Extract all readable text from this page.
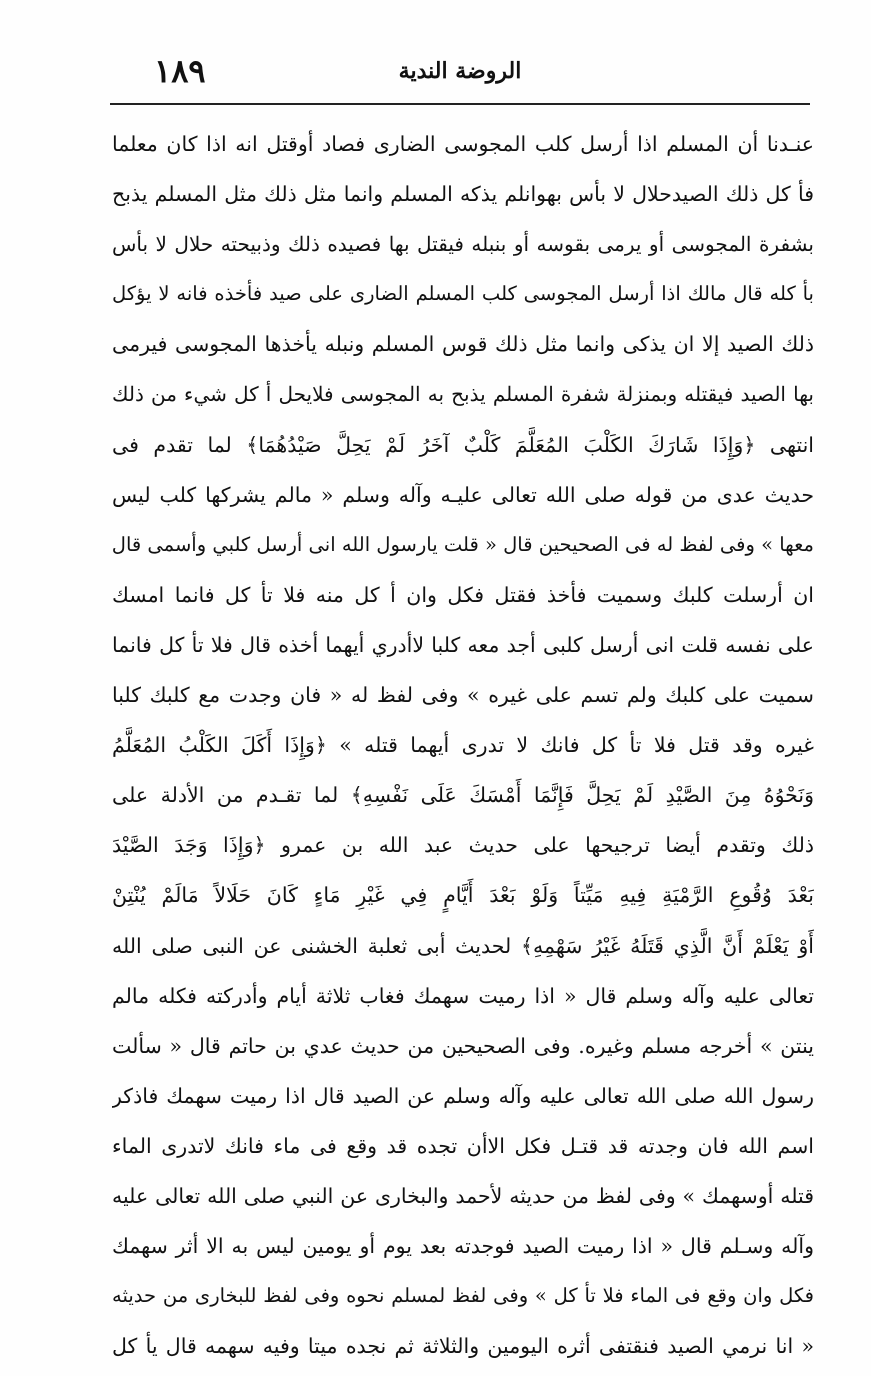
١٨٩	الروضة الندية
عنـدنا أن المسلم اذا أرسل كلب المجوسى الضارى فصاد أوقتل انه اذا كان معلما
فأ كل ذلك الصيدحلال لا بأس بهوانلم يذكه المسلم وانما مثل ذلك مثل المسلم يذبح
بشفرة المجوسى أو يرمى بقوسه أو بنبله فيقتل بها فصيده ذلك وذبيحته حلال لا بأس
بأ كله قال مالك اذا أرسل المجوسى كلب المسلم الضارى على صيد فأخذه فانه لا يؤكل
ذلك الصيد إلا ان يذكى وانما مثل ذلك قوس المسلم ونبله يأخذها المجوسى فيرمى
بها الصيد فيقتله وبمنزلة شفرة المسلم يذبح به المجوسى فلايحل أ كل شيء من ذلك
انتهى ﴿وَإِذَا شَارَكَ الكَلْبَ المُعَلَّمَ كَلْبٌ آخَرُ لَمْ يَحِلَّ صَيْدُهُمَا﴾ لما تقدم فى
حديث عدى من قوله صلى الله تعالى عليـه وآله وسلم « مالم يشركها كلب ليس
معها » وفى لفظ له فى الصحيحين قال « قلت يارسول الله انى أرسل كلبي وأسمى قال
ان أرسلت كلبك وسميت فأخذ فقتل فكل وان أ كل منه فلا تأ كل فانما امسك
على نفسه قلت انى أرسل كلبى أجد معه كلبا لاأدري أيهما أخذه قال فلا تأ كل فانما
سميت على كلبك ولم تسم على غيره » وفى لفظ له « فان وجدت مع كلبك كلبا
غيره وقد قتل فلا تأ كل فانك لا تدرى أيهما قتله » ﴿وَإِذَا أَكَلَ الكَلْبُ المُعَلَّمُ
وَنَحْوُهُ مِنَ الصَّيْدِ لَمْ يَحِلَّ فَإِنَّمَا أَمْسَكَ عَلَى نَفْسِهِ﴾ لما تقـدم من الأدلة على
ذلك وتقدم أيضا ترجيحها على حديث عبد الله بن عمرو ﴿وَإِذَا وَجَدَ الصَّيْدَ
بَعْدَ وُقُوعِ الرَّمْيَةِ فِيهِ مَيِّتاً وَلَوْ بَعْدَ أَيَّامٍ فِي غَيْرِ مَاءٍ كَانَ حَلَالاً مَالَمْ يُنْتِنْ
أَوْ يَعْلَمْ أَنَّ الَّذِي قَتَلَهُ غَيْرُ سَهْمِهِ﴾ لحديث أبى ثعلبة الخشنى عن النبى صلى الله
تعالى عليه وآله وسلم قال « اذا رميت سهمك فغاب ثلاثة أيام وأدركته فكله مالم
ينتن » أخرجه مسلم وغيره. وفى الصحيحين من حديث عدي بن حاتم قال « سألت
رسول الله صلى الله تعالى عليه وآله وسلم عن الصيد قال اذا رميت سهمك فاذكر
اسم الله فان وجدته قد قتـل فكل الاأن تجده قد وقع فى ماء فانك لاتدرى الماء
قتله أوسهمك » وفى لفظ من حديثه لأحمد والبخارى عن النبي صلى الله تعالى عليه
وآله وسـلم قال « اذا رميت الصيد فوجدته بعد يوم أو يومين ليس به الا أثر سهمك
فكل وان وقع فى الماء فلا تأ كل » وفى لفظ لمسلم نحوه وفى لفظ للبخارى من حديثه
« انا نرمي الصيد فنقتفى أثره اليومين والثلاثة ثم نجده ميتا وفيه سهمه قال يأ كل
